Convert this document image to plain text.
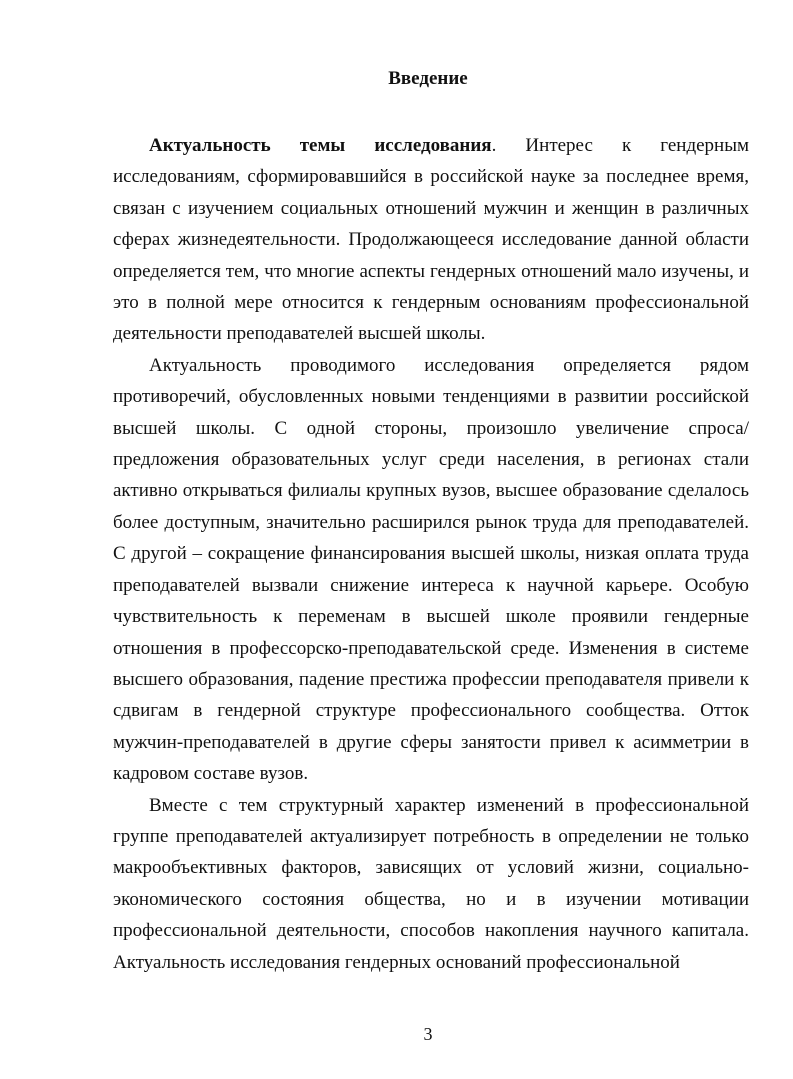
Введение

Актуальность темы исследования. Интерес к гендерным исследованиям, сформировавшийся в российской науке за последнее время, связан с изучением социальных отношений мужчин и женщин в различных сферах жизнедеятельности. Продолжающееся исследование данной области определяется тем, что многие аспекты гендерных отношений мало изучены, и это в полной мере относится к гендерным основаниям профессиональной деятельности преподавателей высшей школы.

Актуальность проводимого исследования определяется рядом противоречий, обусловленных новыми тенденциями в развитии российской высшей школы. С одной стороны, произошло увеличение спроса/предложения образовательных услуг среди населения, в регионах стали активно открываться филиалы крупных вузов, высшее образование сделалось более доступным, значительно расширился рынок труда для преподавателей. С другой – сокращение финансирования высшей школы, низкая оплата труда преподавателей вызвали снижение интереса к научной карьере. Особую чувствительность к переменам в высшей школе проявили гендерные отношения в профессорско-преподавательской среде. Изменения в системе высшего образования, падение престижа профессии преподавателя привели к сдвигам в гендерной структуре профессионального сообщества. Отток мужчин-преподавателей в другие сферы занятости привел к асимметрии в кадровом составе вузов.

Вместе с тем структурный характер изменений в профессиональной группе преподавателей актуализирует потребность в определении не только макрообъективных факторов, зависящих от условий жизни, социально-экономического состояния общества, но и в изучении мотивации профессиональной деятельности, способов накопления научного капитала. Актуальность исследования гендерных оснований профессиональной

3
